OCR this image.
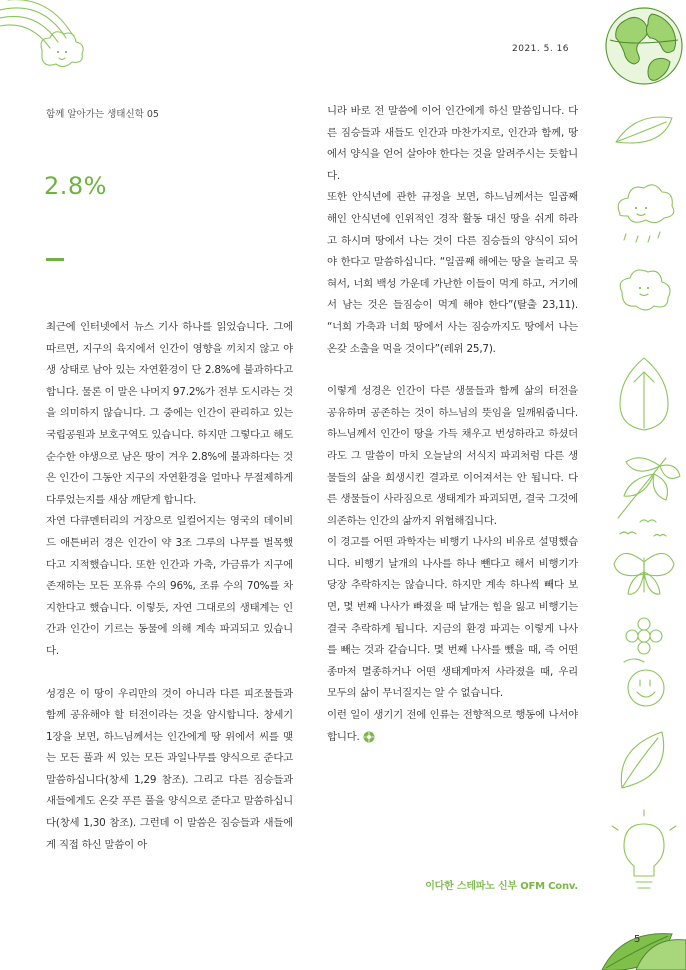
2021. 5. 16
함께 알아가는 생태신학 05
2.8%

최근에 인터넷에서 뉴스 기사 하나를 읽었습니다. 그에 따르면, 지구의 육지에서 인간이 영향을 끼치지 않고 야생 상태로 남아 있는 자연환경이 단 2.8%에 불과하다고 합니다. 물론 이 말은 나머지 97.2%가 전부 도시라는 것을 의미하지 않습니다. 그 중에는 인간이 관리하고 있는 국립공원과 보호구역도 있습니다. 하지만 그렇다고 해도 순수한 야생으로 남은 땅이 겨우 2.8%에 불과하다는 것은 인간이 그동안 지구의 자연환경을 얼마나 무절제하게 다루었는지를 새삼 깨닫게 합니다.

자연 다큐멘터리의 거장으로 일컬어지는 영국의 데이비드 애튼버러 경은 인간이 약 3조 그루의 나무를 벌목했다고 지적했습니다. 또한 인간과 가축, 가금류가 지구에 존재하는 모든 포유류 수의 96%, 조류 수의 70%를 차지한다고 했습니다. 이렇듯, 자연 그대로의 생태계는 인간과 인간이 기르는 동물에 의해 계속 파괴되고 있습니다.

성경은 이 땅이 우리만의 것이 아니라 다른 피조물들과 함께 공유해야 할 터전이라는 것을 암시합니다. 창세기 1장을 보면, 하느님께서는 인간에게 땅 위에서 씨를 맺는 모든 풀과 씨 있는 모든 과일나무를 양식으로 준다고 말씀하십니다(창세 1,29 참조). 그리고 다른 짐승들과 새들에게도 온갖 푸른 풀을 양식으로 준다고 말씀하십니다(창세 1,30 참조). 그런데 이 말씀은 짐승들과 새들에게 직접 하신 말씀이 아

니라 바로 전 말씀에 이어 인간에게 하신 말씀입니다. 다른 짐승들과 새들도 인간과 마찬가지로, 인간과 함께, 땅에서 양식을 얻어 살아야 한다는 것을 알려주시는 듯합니다.

또한 안식년에 관한 규정을 보면, 하느님께서는 일곱째 해인 안식년에 인위적인 경작 활동 대신 땅을 쉬게 하라고 하시며 땅에서 나는 것이 다른 짐승들의 양식이 되어야 한다고 말씀하십니다. “일곱째 해에는 땅을 놀리고 묵혀서, 너희 백성 가운데 가난한 이들이 먹게 하고, 거기에서 남는 것은 들짐승이 먹게 해야 한다”(탈출 23,11). “너희 가축과 너희 땅에서 사는 짐승까지도 땅에서 나는 온갖 소출을 먹을 것이다”(레위 25,7).

이렇게 성경은 인간이 다른 생물들과 함께 삶의 터전을 공유하며 공존하는 것이 하느님의 뜻임을 일깨워줍니다. 하느님께서 인간이 땅을 가득 채우고 번성하라고 하셨더라도 그 말씀이 마치 오늘날의 서식지 파괴처럼 다른 생물들의 삶을 희생시킨 결과로 이어져서는 안 됩니다. 다른 생물들이 사라짐으로 생태계가 파괴되면, 결국 그것에 의존하는 인간의 삶까지 위협해집니다.

이 경고를 어떤 과학자는 비행기 나사의 비유로 설명했습니다. 비행기 날개의 나사를 하나 뺀다고 해서 비행기가 당장 추락하지는 않습니다. 하지만 계속 하나씩 빼다 보면, 몇 번째 나사가 빠졌을 때 날개는 힘을 잃고 비행기는 결국 추락하게 됩니다. 지금의 환경 파괴는 이렇게 나사를 빼는 것과 같습니다. 몇 번째 나사를 뺐을 때, 즉 어떤 종마저 멸종하거나 어떤 생태계마저 사라졌을 때, 우리 모두의 삶이 무너질지는 알 수 없습니다.

이런 일이 생기기 전에 인류는 전향적으로 행동에 나서야 합니다.

이다한 스테파노 신부 OFM Conv.
5
